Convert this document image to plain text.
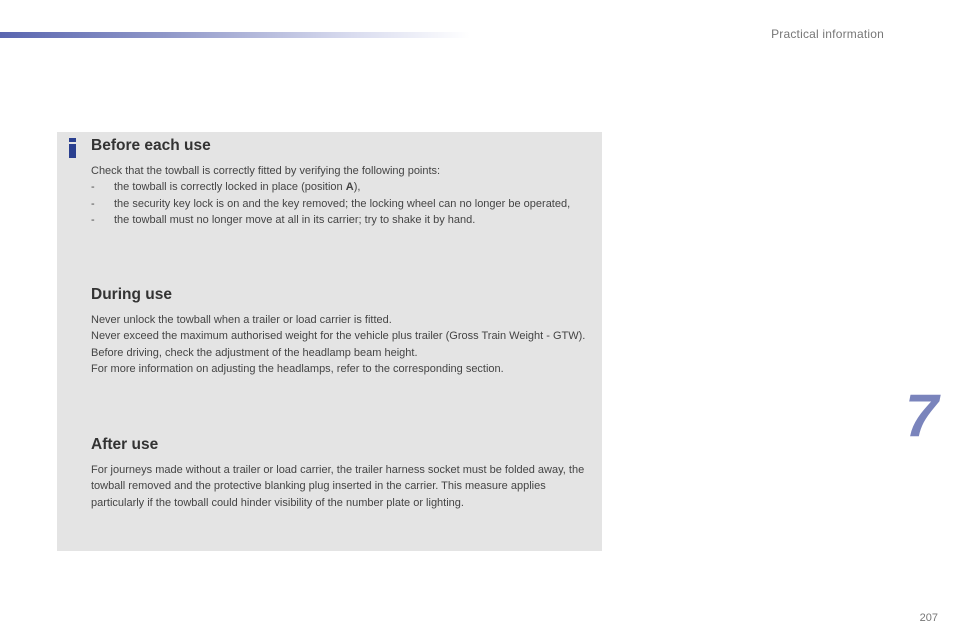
Practical information
Before each use

Check that the towball is correctly fitted by verifying the following points:

- the towball is correctly locked in place (position A),
- the security key lock is on and the key removed; the locking wheel can no longer be operated,
- the towball must no longer move at all in its carrier; try to shake it by hand.
During use

Never unlock the towball when a trailer or load carrier is fitted.

Never exceed the maximum authorised weight for the vehicle plus trailer (Gross Train Weight - GTW).

Before driving, check the adjustment of the headlamp beam height.

For more information on adjusting the headlamps, refer to the corresponding section.

After use

For journeys made without a trailer or load carrier, the trailer harness socket must be folded away, the towball removed and the protective blanking plug inserted in the carrier. This measure applies particularly if the towball could hinder visibility of the number plate or lighting.

7
207
